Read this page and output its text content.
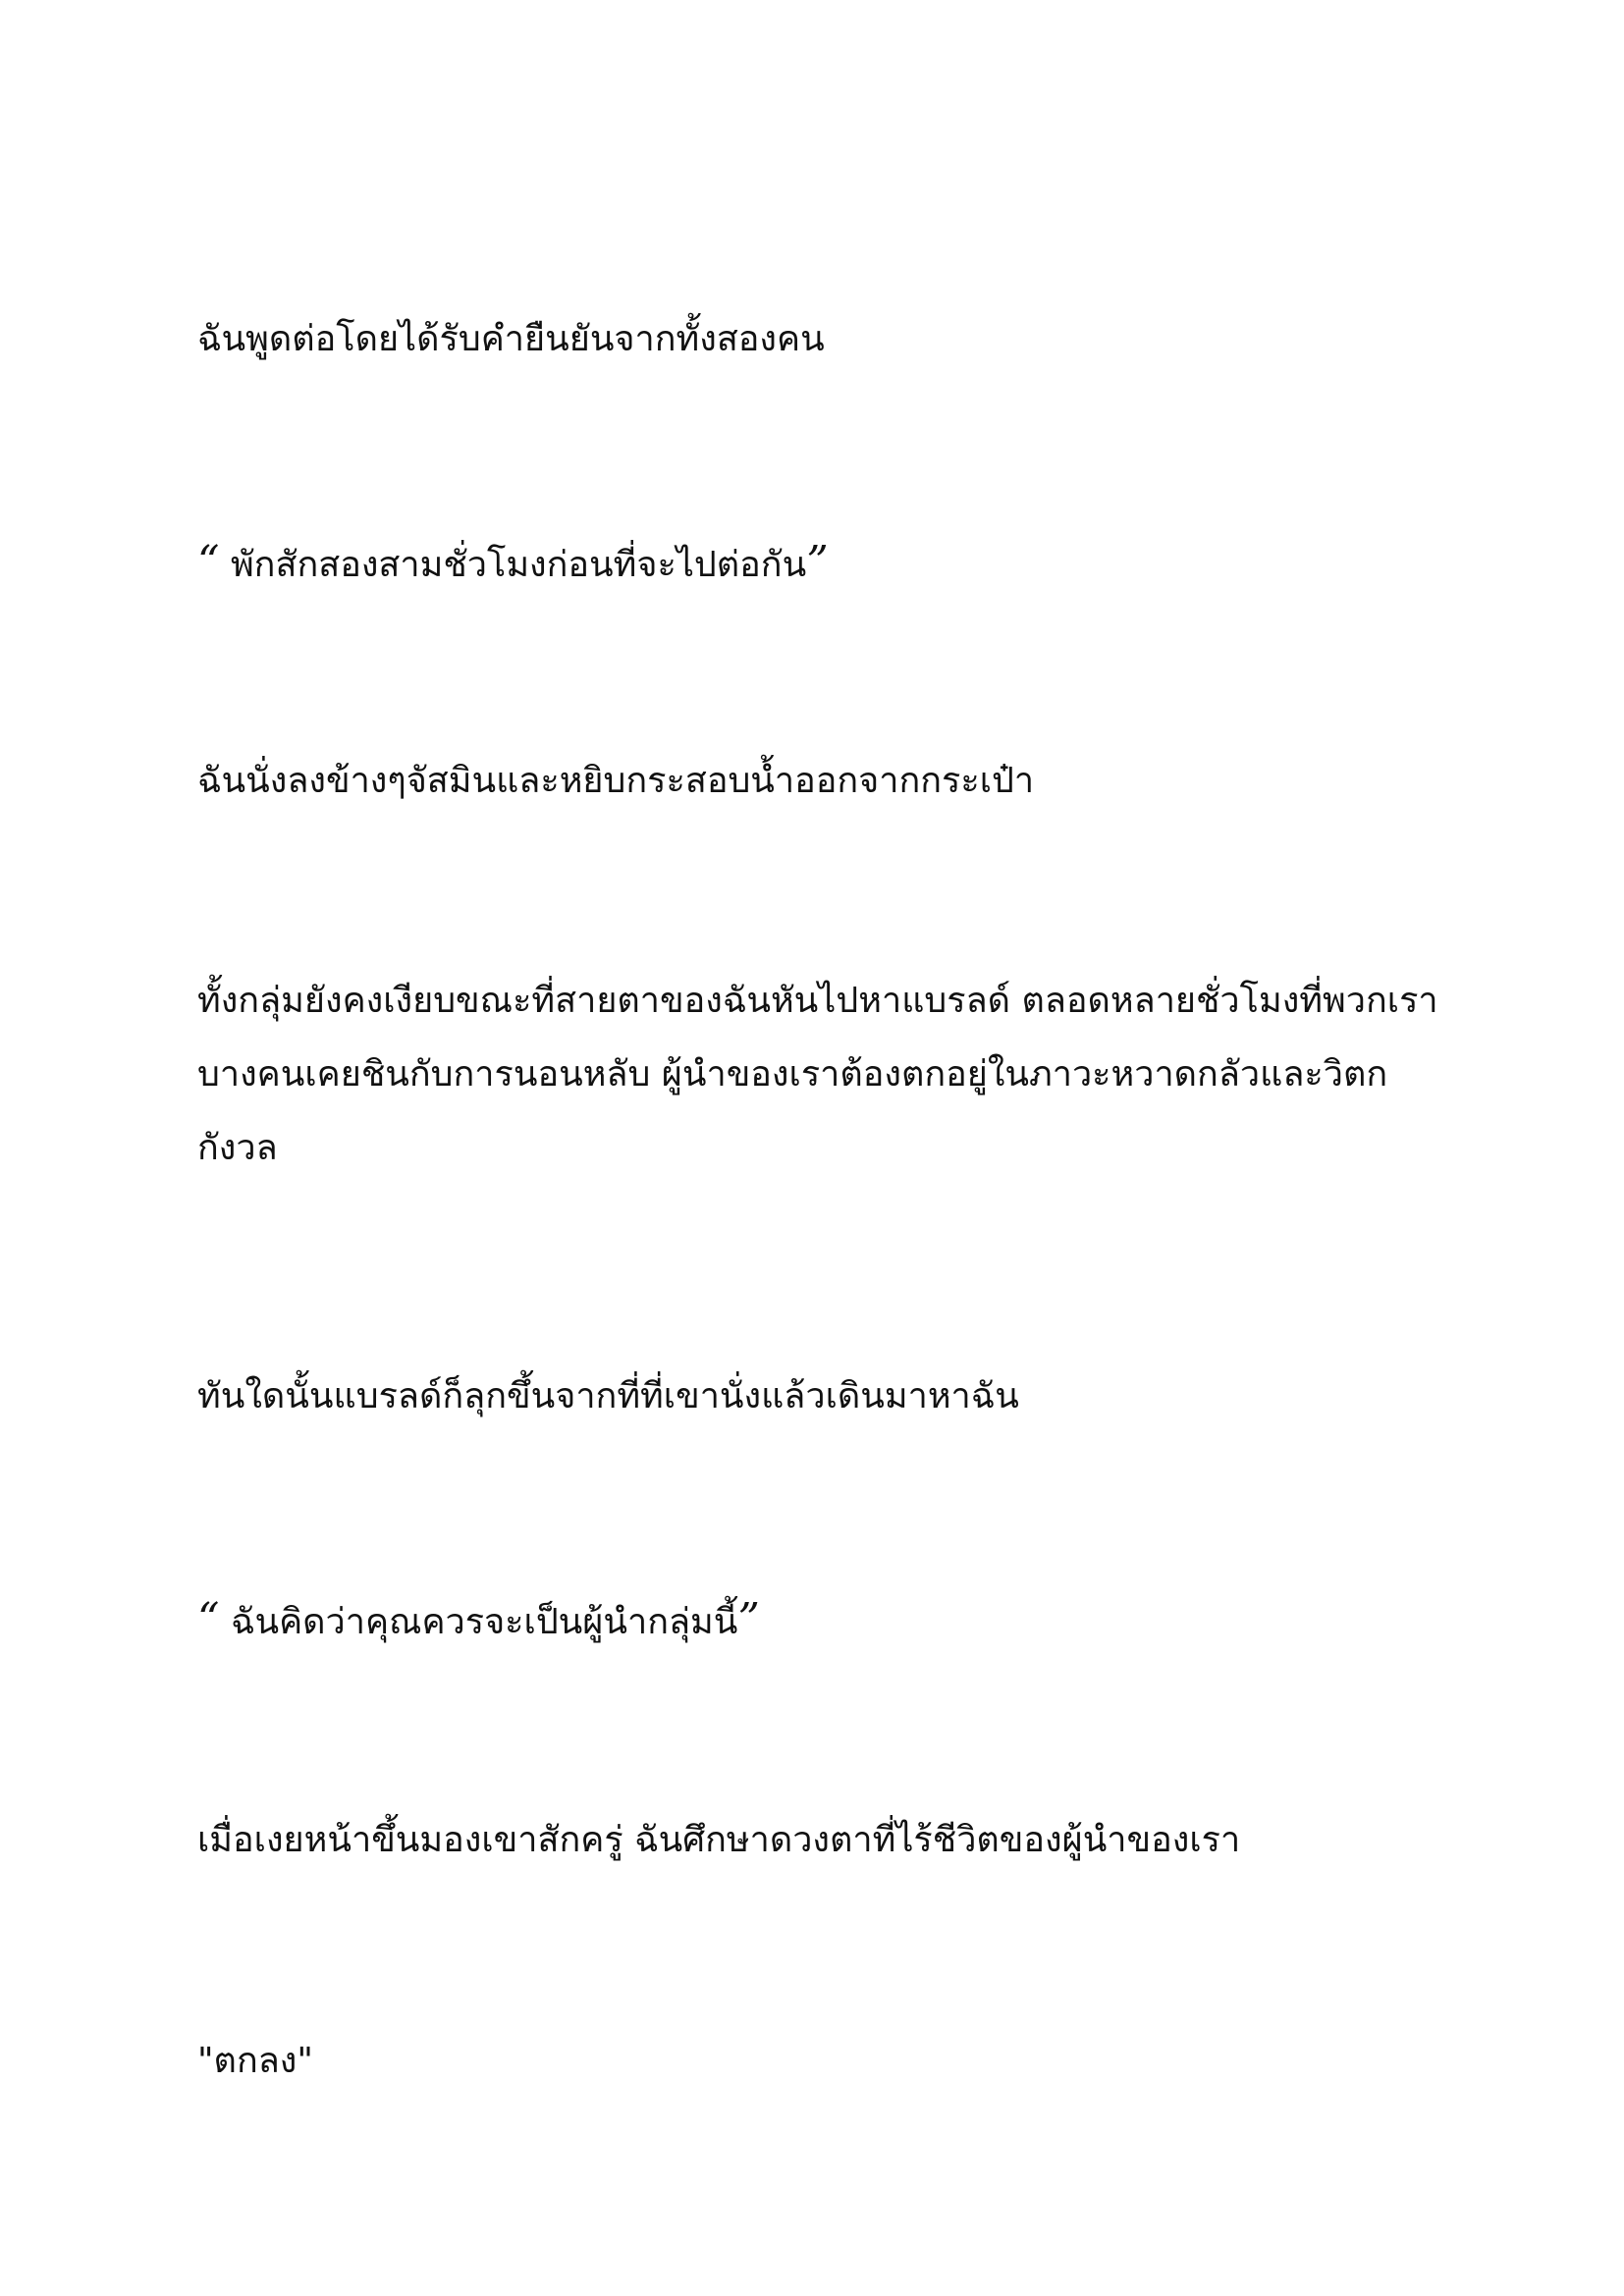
ฉันพูดต่อโดยได้รับคำยืนยันจากทั้งสองคน

“ พักสักสองสามชั่วโมงก่อนที่จะไปต่อกัน”

ฉันนั่งลงข้างๆจัสมินและหยิบกระสอบน้ำออกจากกระเป๋า

ทั้งกลุ่มยังคงเงียบขณะที่สายตาของฉันหันไปหาแบรลด์ ตลอดหลายชั่วโมงที่พวกเรา
บางคนเคยชินกับการนอนหลับ ผู้นำของเราต้องตกอยู่ในภาวะหวาดกลัวและวิตก
กังวล

ทันใดนั้นแบรลด์ก็ลุกขึ้นจากที่ที่เขานั่งแล้วเดินมาหาฉัน

“ ฉันคิดว่าคุณควรจะเป็นผู้นำกลุ่มนี้”

เมื่อเงยหน้าขึ้นมองเขาสักครู่ ฉันศึกษาดวงตาที่ไร้ชีวิตของผู้นำของเรา

"ตกลง"
